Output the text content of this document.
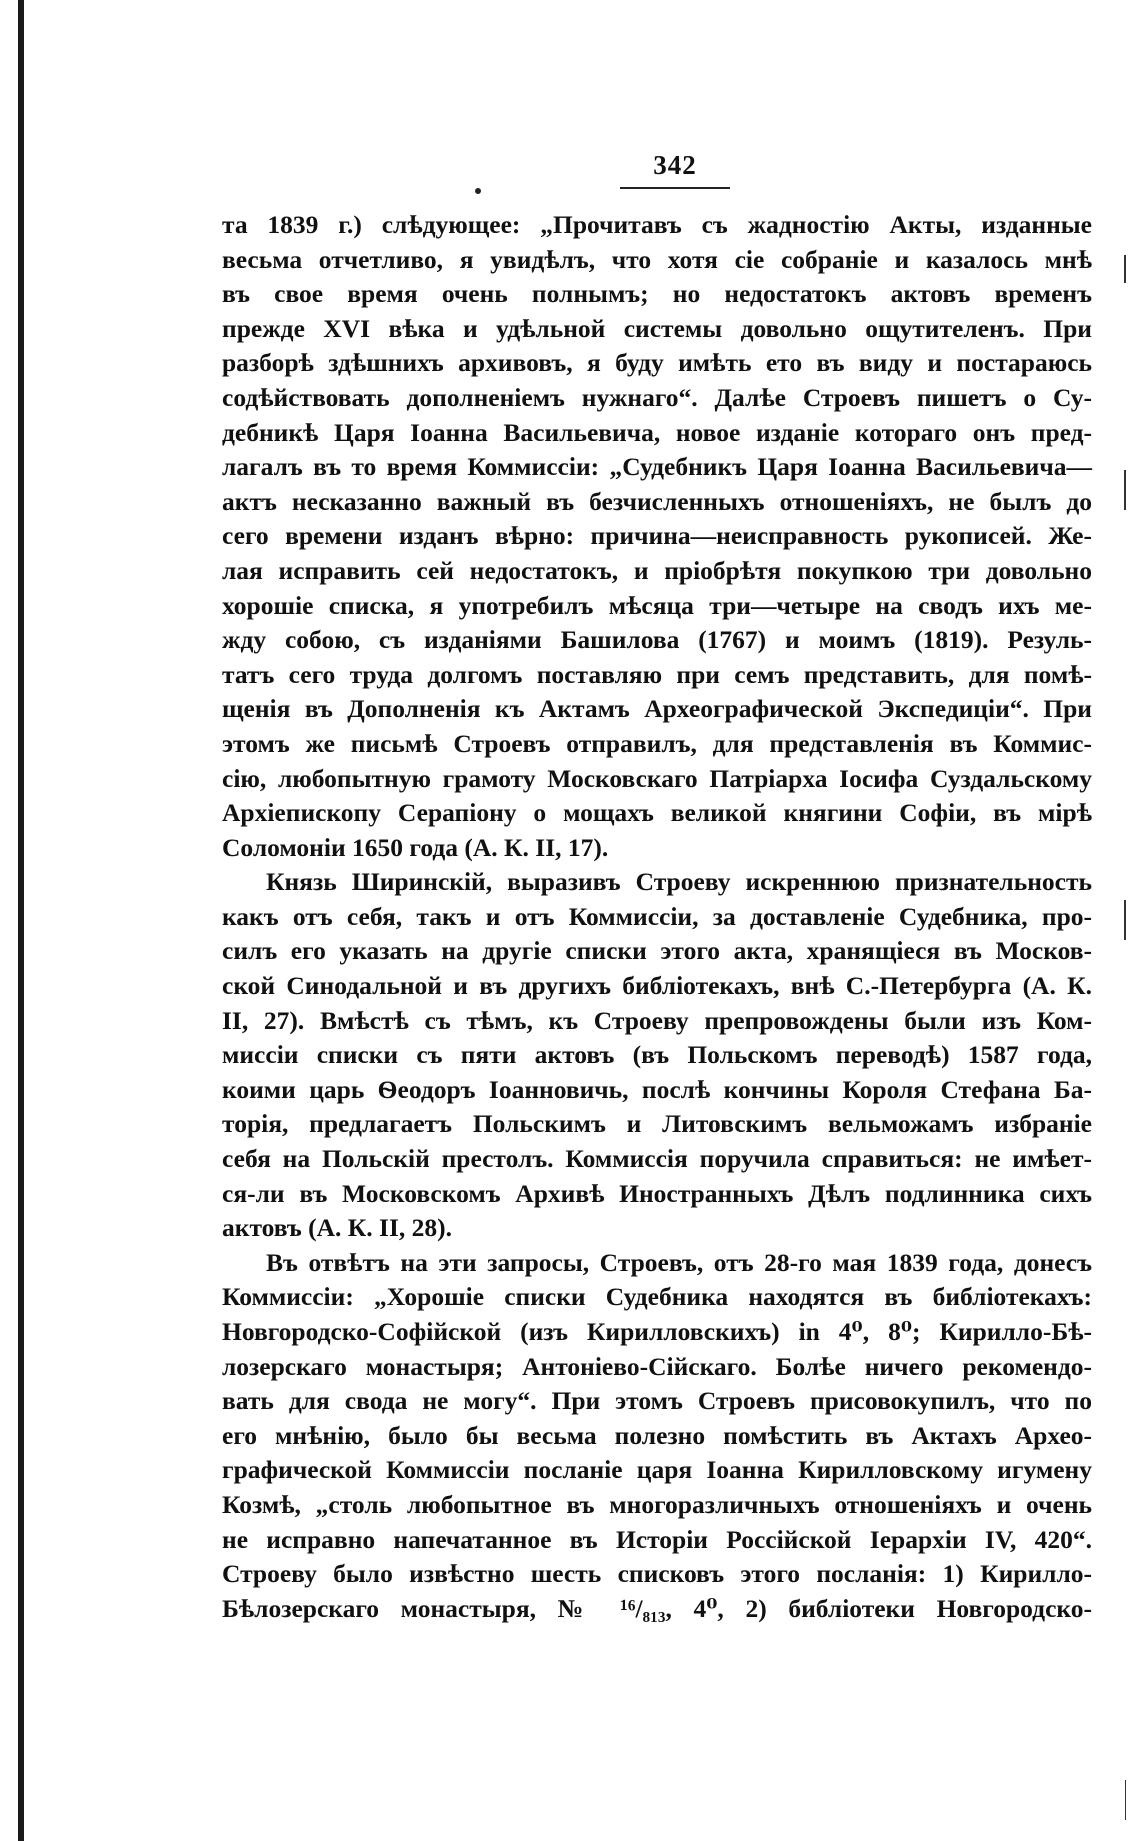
342
та 1839 г.) слѣдующее: „Прочитавъ съ жадностію Акты, изданные
весьма отчетливо, я увидѣлъ, что хотя сіе собраніе и казалось мнѣ
въ свое время очень полнымъ; но недостатокъ актовъ временъ
прежде XVI вѣка и удѣльной системы довольно ощутителенъ. При
разборѣ здѣшнихъ архивовъ, я буду имѣть ето въ виду и постараюсь
содѣйствовать дополненіемъ нужнаго“. Далѣе Строевъ пишетъ о Су-
дебникѣ Царя Іоанна Васильевича, новое изданіе котораго онъ пред-
лагалъ въ то время Коммиссіи: „Судебникъ Царя Іоанна Васильевича—
актъ несказанно важный въ безчисленныхъ отношеніяхъ, не былъ до
сего времени изданъ вѣрно: причина—неисправность рукописей. Же-
лая исправить сей недостатокъ, и пріобрѣтя покупкою три довольно
хорошіе списка, я употребилъ мѣсяца три—четыре на сводъ ихъ ме-
жду собою, съ изданіями Башилова (1767) и моимъ (1819). Резуль-
татъ сего труда долгомъ поставляю при семъ представить, для помѣ-
щенія въ Дополненія къ Актамъ Археографической Экспедиціи“. При
этомъ же письмѣ Строевъ отправилъ, для представленія въ Коммис-
сію, любопытную грамоту Московскаго Патріарха Іосифа Суздальскому
Архіепископу Серапіону о мощахъ великой княгини Софіи, въ мірѣ
Соломоніи 1650 года (А. К. II, 17).
Князь Ширинскій, выразивъ Строеву искреннюю признательность
какъ отъ себя, такъ и отъ Коммиссіи, за доставленіе Судебника, про-
силъ его указать на другіе списки этого акта, хранящіеся въ Москов-
ской Синодальной и въ другихъ библіотекахъ, внѣ С.-Петербурга (А. К.
II, 27). Вмѣстѣ съ тѣмъ, къ Строеву препровождены были изъ Ком-
миссіи списки съ пяти актовъ (въ Польскомъ переводѣ) 1587 года,
коими царь Ѳеодоръ Іоанновичь, послѣ кончины Короля Стефана Ба-
торія, предлагаетъ Польскимъ и Литовскимъ вельможамъ избраніе
себя на Польскій престолъ. Коммиссія поручила справиться: не имѣет-
ся-ли въ Московскомъ Архивѣ Иностранныхъ Дѣлъ подлинника сихъ
актовъ (А. К. II, 28).
Въ отвѣтъ на эти запросы, Строевъ, отъ 28-го мая 1839 года, донесъ
Коммиссіи: „Хорошіе списки Судебника находятся въ библіотекахъ:
Новгородско-Софійской (изъ Кирилловскихъ) in 4⁰, 8⁰; Кирилло-Бѣ-
лозерскаго монастыря; Антоніево-Сійскаго. Болѣе ничего рекомендо-
вать для свода не могу“. При этомъ Строевъ присовокупилъ, что по
его мнѣнію, было бы весьма полезно помѣстить въ Актахъ Археo-
графической Коммиссіи посланіе царя Іоанна Кирилловскому игумену
Козмѣ, „столь любопытное въ многоразличныхъ отношеніяхъ и очень
не исправно напечатанное въ Исторіи Россійской Іерархіи IV, 420“.
Строеву было извѣстно шесть списковъ этого посланія: 1) Кирилло-
Бѣлозерскаго монастыря, № ¹⁶/₈₁₃, 4⁰, 2) библіотеки Новгородско-
